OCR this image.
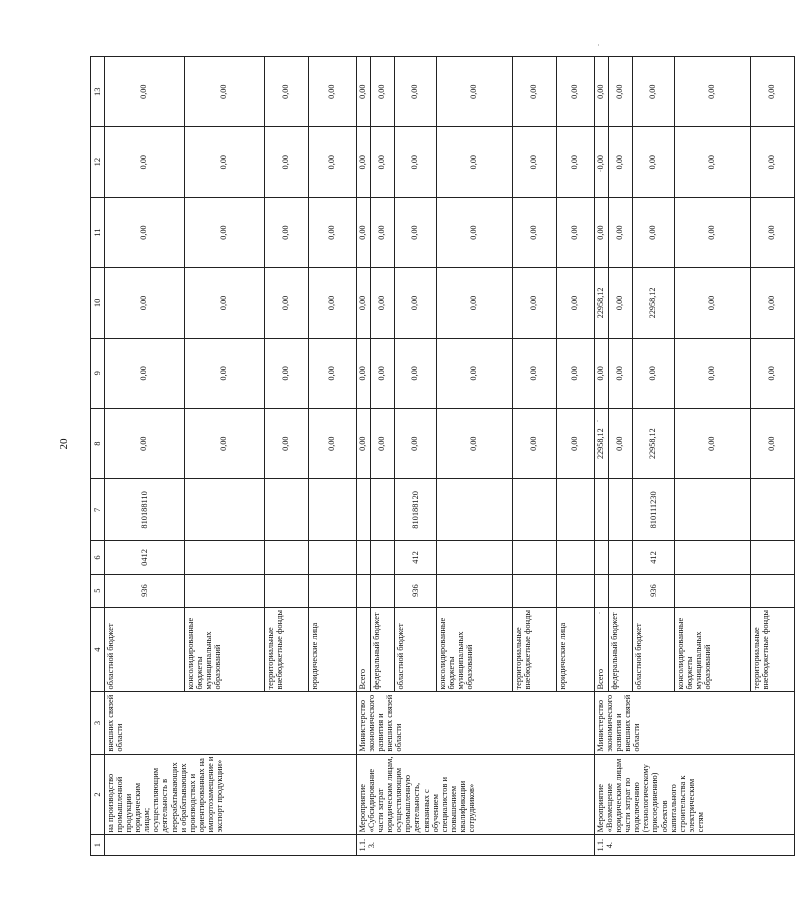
20
1	2	3	4	5	6	7	8	9	10	11	12	13
	на производство промышленной продукции юридическим лицам; осуществляющим деятельность в перерабатывающих и обрабатывающих производствах и ориентированных на импортозамещение и экспорт продукции»	внешних связей области	областной бюджет	936	0412	810188110	0,00	0,00	0,00	0,00	0,00	0,00
			консолидированные бюджеты муниципальных образований				0,00	0,00	0,00	0,00	0,00	0,00
			территориальные внебюджетные фонды				0,00	0,00	0,00	0,00	0,00	0,00
			юридические лица				0,00	0,00	0,00	0,00	0,00	0,00
1.1.3.	Мероприятие «Субсидирование части затрат юридическим лицам, осуществляющим промышленную деятельность, связанных с обучением специалистов и повышением квалификации сотрудников»	Министерство экономического развития и внешних связей области	Всего				0,00	0,00	0,00	0,00	0,00	0,00
			федеральный бюджет				0,00	0,00	0,00	0,00	0,00	0,00
			областной бюджет	936	412	810188120	0,00	0,00	0,00	0,00	0,00	0,00
			консолидированные бюджеты муниципальных образований				0,00	0,00	0,00	0,00	0,00	0,00
			территориальные внебюджетные фонды				0,00	0,00	0,00	0,00	0,00	0,00
			юридические лица				0,00	0,00	0,00	0,00	0,00	0,00
1.1.4.	Мероприятие «Возмещение юридическим лицам части затрат по подключению (технологическому присоединению) объектов капитального строительства к электрическим сетям	Министерство экономического развития и внешних связей области	Всего				22958,12	0,00	22958,12	0,00	0,00	0,00
			федеральный бюджет				0,00	0,00	0,00	0,00	0,00	0,00
			областной бюджет	936	412	810111230	22958,12	0,00	22958,12	0,00	0,00	0,00
			консолидированные бюджеты муниципальных образований				0,00	0,00	0,00	0,00	0,00	0,00
			территориальные внебюджетные фонды				0,00	0,00	0,00	0,00	0,00	0,00
